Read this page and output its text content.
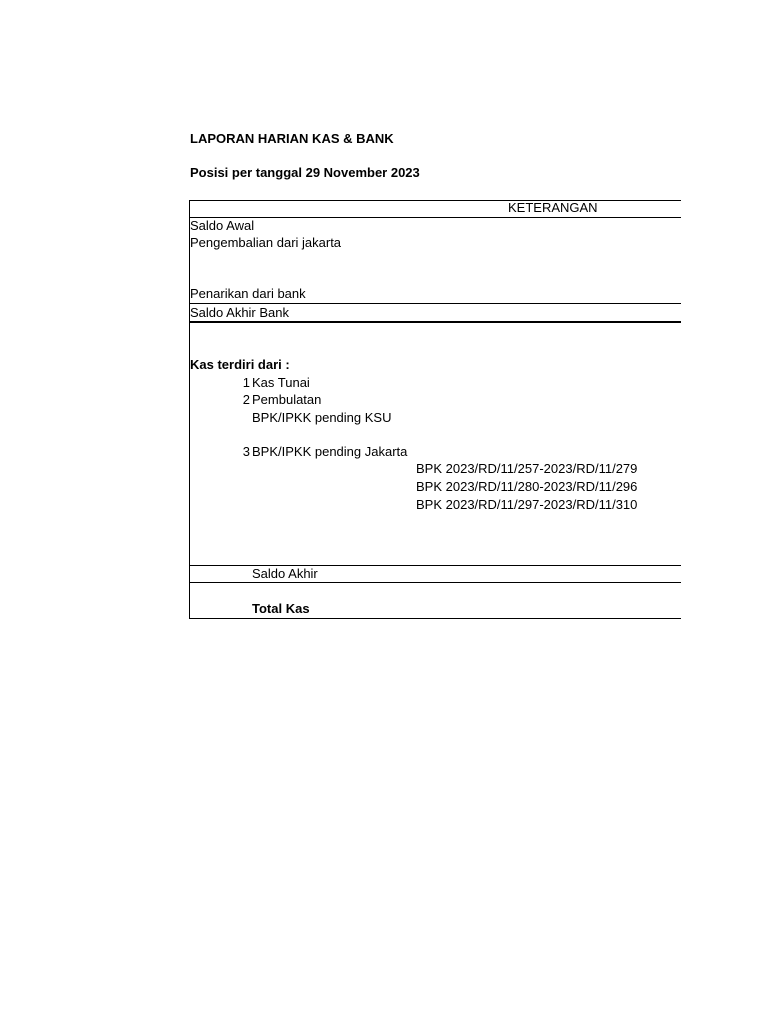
LAPORAN HARIAN KAS & BANK
Posisi per tanggal 29 November 2023
KETERANGAN
Saldo Awal
Pengembalian dari jakarta
Penarikan dari bank
Saldo Akhir Bank
Kas terdiri dari :
1 Kas Tunai
2 Pembulatan
BPK/IPKK pending KSU
3 BPK/IPKK pending Jakarta
BPK 2023/RD/11/257-2023/RD/11/279
BPK 2023/RD/11/280-2023/RD/11/296
BPK 2023/RD/11/297-2023/RD/11/310
Saldo Akhir
Total Kas
